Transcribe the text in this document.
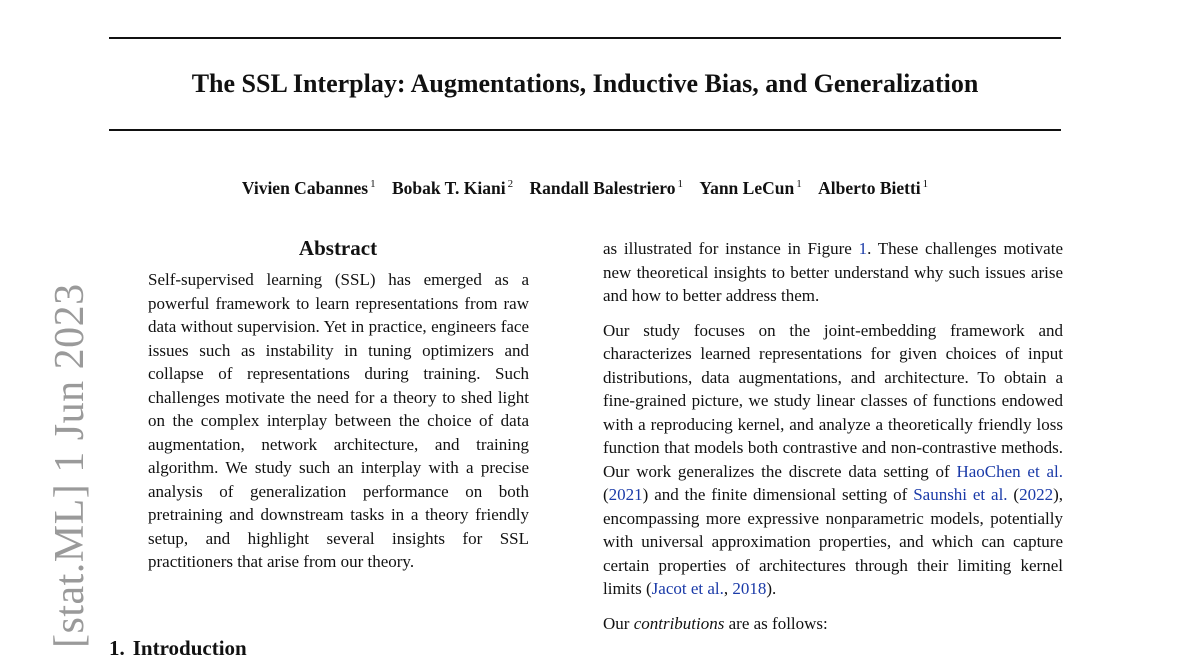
The SSL Interplay: Augmentations, Inductive Bias, and Generalization
Vivien Cabannes $^1$ Bobak T. Kiani $^2$ Randall Balestriero $^1$ Yann LeCun $^1$ Alberto Bietti $^1$
[stat.ML] 1 Jun 2023
Abstract

Self-supervised learning (SSL) has emerged as a powerful framework to learn representations from raw data without supervision. Yet in practice, engineers face issues such as instability in tuning optimizers and collapse of representations during training. Such challenges motivate the need for a theory to shed light on the complex interplay between the choice of data augmentation, network architecture, and training algorithm. We study such an interplay with a precise analysis of generalization performance on both pretraining and downstream tasks in a theory friendly setup, and highlight several insights for SSL practitioners that arise from our theory.

as illustrated for instance in Figure 1. These challenges motivate new theoretical insights to better understand why such issues arise and how to better address them.

Our study focuses on the joint-embedding framework and characterizes learned representations for given choices of input distributions, data augmentations, and architecture. To obtain a fine-grained picture, we study linear classes of functions endowed with a reproducing kernel, and analyze a theoretically friendly loss function that models both contrastive and non-contrastive methods. Our work generalizes the discrete data setting of HaoChen et al. (2021) and the finite dimensional setting of Saunshi et al. (2022), encompassing more expressive nonparametric models, potentially with universal approximation properties, and which can capture certain properties of architectures through their limiting kernel limits (Jacot et al., 2018).

Our contributions are as follows:

1. Introduction
